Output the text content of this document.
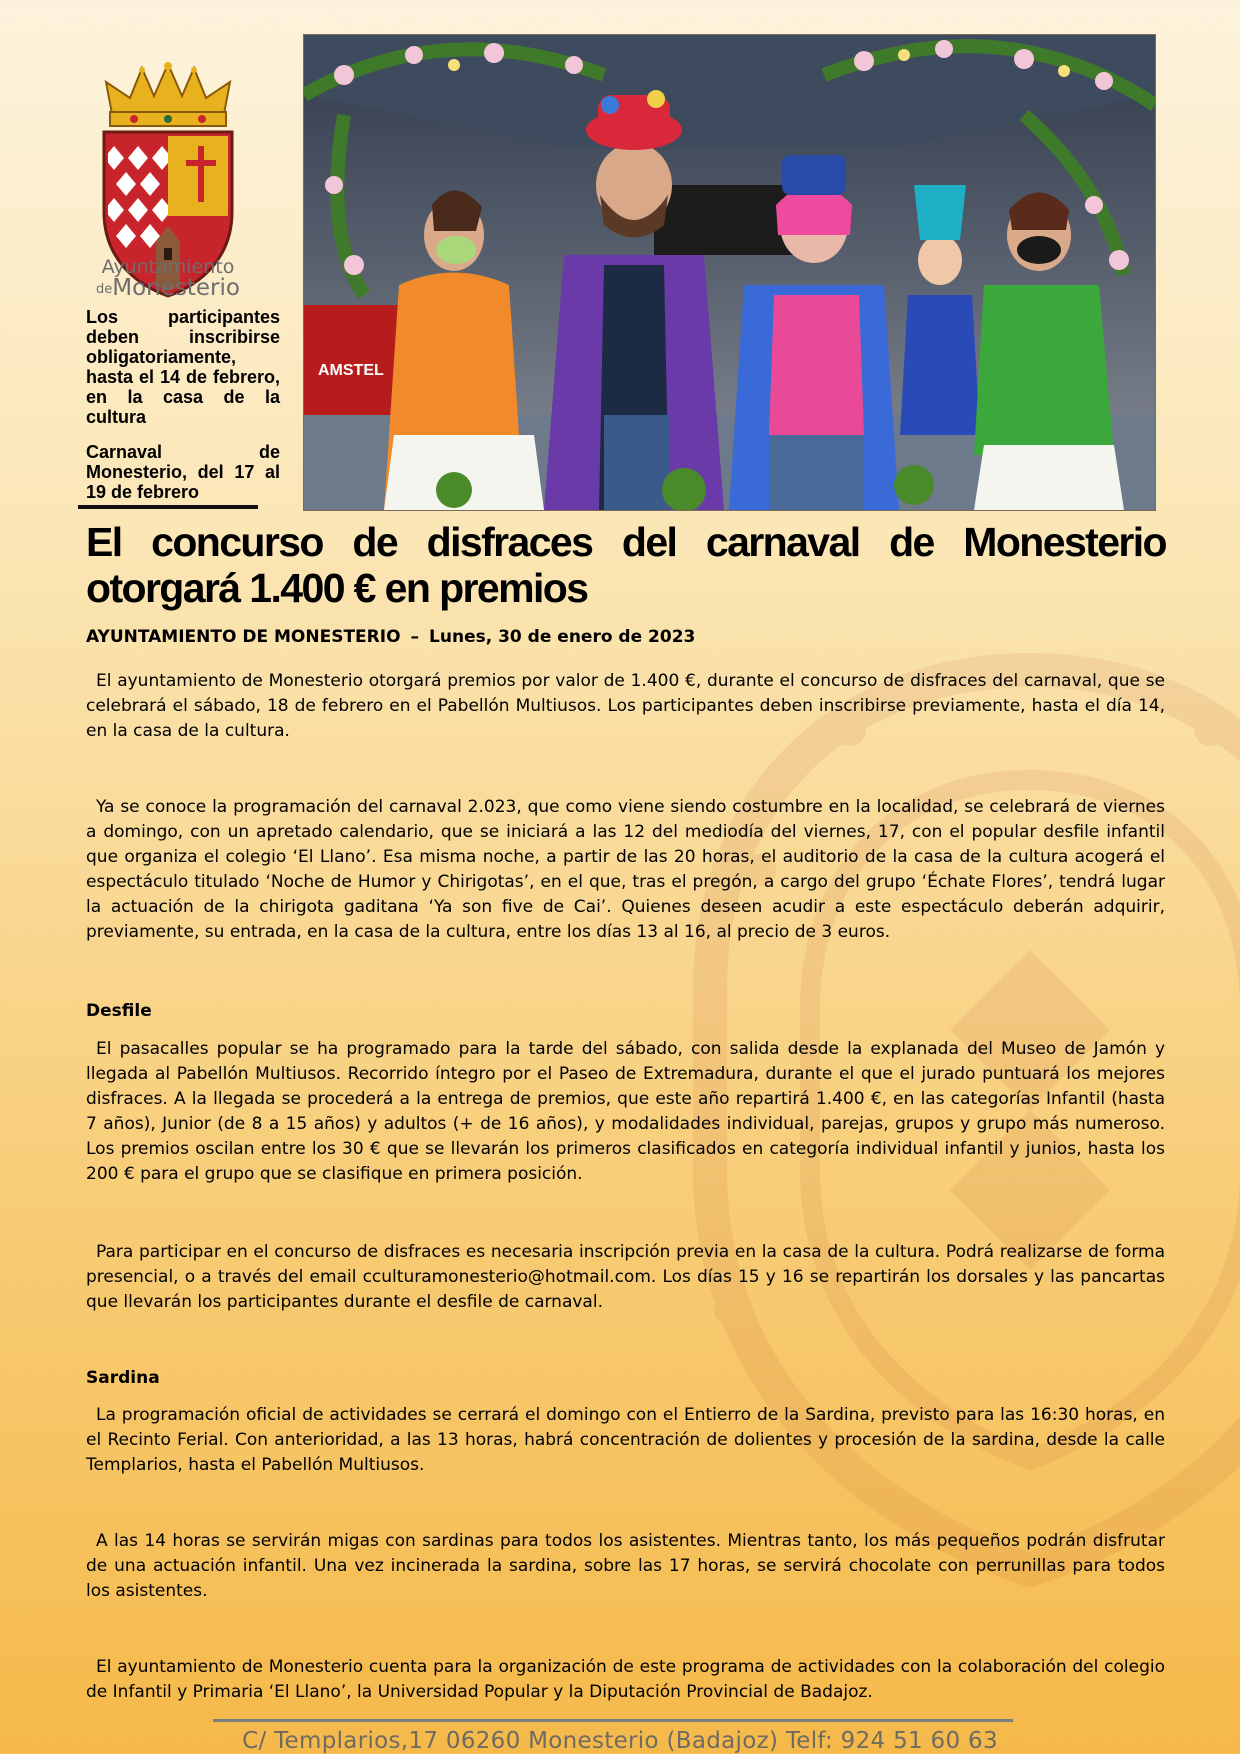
Ayuntamiento
deMonesterio
Los participantes deben inscribirse obligatoriamente, hasta el 14 de febrero, en la casa de la cultura
Carnaval de Monesterio, del 17 al 19 de febrero
AMSTEL
El concurso de disfraces del carnaval de Monesterio otorgará 1.400 € en premios
AYUNTAMIENTO DE MONESTERIO – Lunes, 30 de enero de 2023

El ayuntamiento de Monesterio otorgará premios por valor de 1.400 €, durante el concurso de disfraces del carnaval, que se celebrará el sábado, 18 de febrero en el Pabellón Multiusos. Los participantes deben inscribirse previamente, hasta el día 14, en la casa de la cultura.

Ya se conoce la programación del carnaval 2.023, que como viene siendo costumbre en la localidad, se celebrará de viernes a domingo, con un apretado calendario, que se iniciará a las 12 del mediodía del viernes, 17, con el popular desfile infantil que organiza el colegio ‘El Llano’. Esa misma noche, a partir de las 20 horas, el auditorio de la casa de la cultura acogerá el espectáculo titulado ‘Noche de Humor y Chirigotas’, en el que, tras el pregón, a cargo del grupo ‘Échate Flores’, tendrá lugar la actuación de la chirigota gaditana ‘Ya son five de Cai’. Quienes deseen acudir a este espectáculo deberán adquirir, previamente, su entrada, en la casa de la cultura, entre los días 13 al 16, al precio de 3 euros.

Desfile

El pasacalles popular se ha programado para la tarde del sábado, con salida desde la explanada del Museo de Jamón y llegada al Pabellón Multiusos. Recorrido íntegro por el Paseo de Extremadura, durante el que el jurado puntuará los mejores disfraces. A la llegada se procederá a la entrega de premios, que este año repartirá 1.400 €, en las categorías Infantil (hasta 7 años), Junior (de 8 a 15 años) y adultos (+ de 16 años), y modalidades individual, parejas, grupos y grupo más numeroso. Los premios oscilan entre los 30 € que se llevarán los primeros clasificados en categoría individual infantil y junios, hasta los 200 € para el grupo que se clasifique en primera posición.

Para participar en el concurso de disfraces es necesaria inscripción previa en la casa de la cultura. Podrá realizarse de forma presencial, o a través del email cculturamonesterio@hotmail.com. Los días 15 y 16 se repartirán los dorsales y las pancartas que llevarán los participantes durante el desfile de carnaval.

Sardina

La programación oficial de actividades se cerrará el domingo con el Entierro de la Sardina, previsto para las 16:30 horas, en el Recinto Ferial. Con anterioridad, a las 13 horas, habrá concentración de dolientes y procesión de la sardina, desde la calle Templarios, hasta el Pabellón Multiusos.

A las 14 horas se servirán migas con sardinas para todos los asistentes. Mientras tanto, los más pequeños podrán disfrutar de una actuación infantil. Una vez incinerada la sardina, sobre las 17 horas, se servirá chocolate con perrunillas para todos los asistentes.

El ayuntamiento de Monesterio cuenta para la organización de este programa de actividades con la colaboración del colegio de Infantil y Primaria ‘El Llano’, la Universidad Popular y la Diputación Provincial de Badajoz.

C/ Templarios,17 06260 Monesterio (Badajoz) Telf: 924 51 60 63
